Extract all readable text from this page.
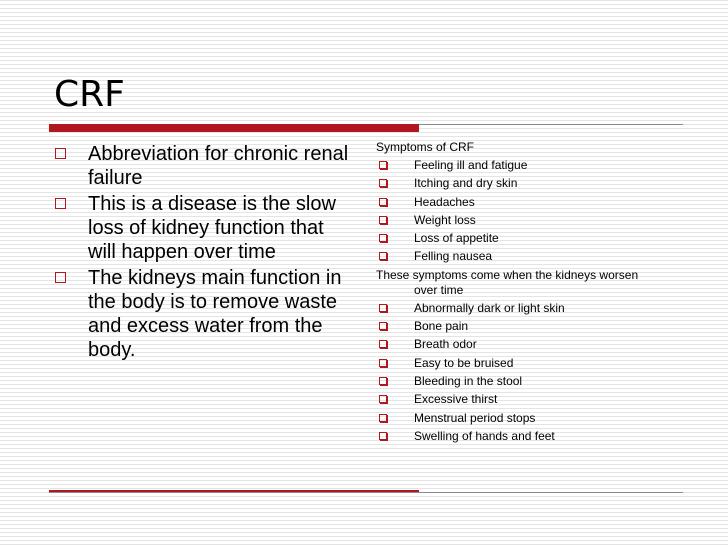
CRF
Abbreviation for chronic renal failure
This is a disease is the slow loss of kidney function that will happen over time
The kidneys main function in the body is to remove waste and excess water from the body.
Symptoms of CRF
Feeling ill and fatigue
Itching and dry skin
Headaches
Weight loss
Loss of appetite
Felling nausea
These symptoms come when the kidneys worsen
over time
Abnormally dark or light skin
Bone pain
Breath odor
Easy to be bruised
Bleeding in the stool
Excessive thirst
Menstrual period stops
Swelling of hands and feet
